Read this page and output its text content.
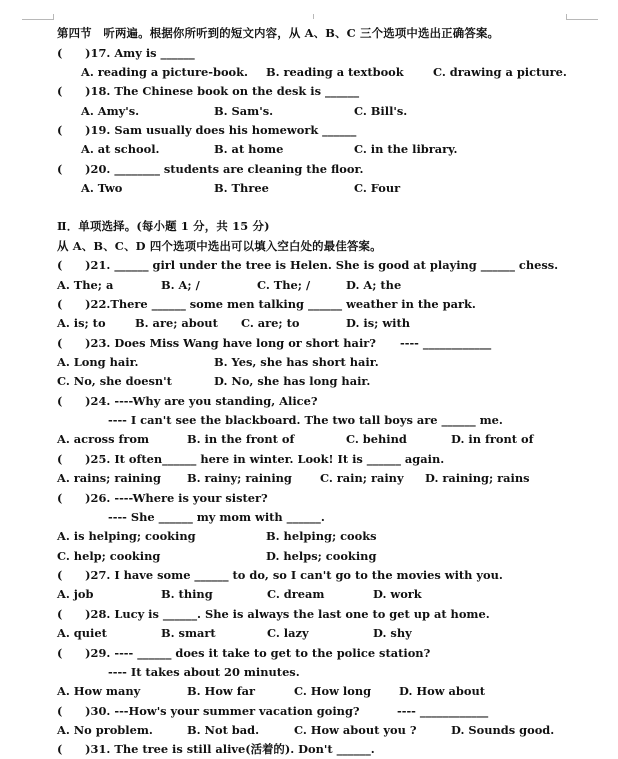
第四节　听两遍。根据你所听到的短文内容，从 A、B、C 三个选项中选出正确答案。
(　　)17. Amy is ______
A. reading a picture-book. B. reading a textbook	C. drawing a picture.
(　　)18. The Chinese book on the desk is ______
A. Amy's.	B. Sam's.	C. Bill's.
(　　)19. Sam usually does his homework ______
A. at school.	B. at home	C. in the library.
(　　)20. ________ students are cleaning the floor.
A. Two	B. Three	C. Four
Ⅱ．单项选择。(每小题 1 分，共 15 分)
从 A、B、C、D 四个选项中选出可以填入空白处的最佳答案。
(　　)21. ______ girl under the tree is Helen. She is good at playing ______ chess.
A. The; a	B. A; /	C. The; /	D. A; the
(　　)22.There ______ some men talking ______ weather in the park.
A. is; to	B. are; about C. are; to	D. is; with
(　　)23. Does Miss Wang have long or short hair? ---- ____________
A. Long hair.	B. Yes, she has short hair.
C. No, she doesn't	D. No, she has long hair.
(　　)24. ----Why are you standing, Alice?
---- I can't see the blackboard. The two tall boys are ______ me.
A. across from	B. in the front of	C. behind	D. in front of
(　　)25. It often______ here in winter. Look! It is ______ again.
A. rains; raining B. rainy; raining C. rain; rainy D. raining; rains
(　　)26. ----Where is your sister?
---- She ______ my mom with ______.
A. is helping; cooking	B. helping; cooks
C. help; cooking	D. helps; cooking
(　　)27. I have some ______ to do, so I can't go to the movies with you.
A. job	B. thing	C. dream	D. work
(　　)28. Lucy is ______. She is always the last one to get up at home.
A. quiet	B. smart	C. lazy	D. shy
(　　)29. ---- ______ does it take to get to the police station?
---- It takes about 20 minutes.
A. How many	B. How far	C. How long D. How about
(　　)30. ---How's your summer vacation going?	---- ____________
A. No problem.	B. Not bad.	C. How about you ?	D. Sounds good.
(　　)31. The tree is still alive(活着的). Don't ______.
